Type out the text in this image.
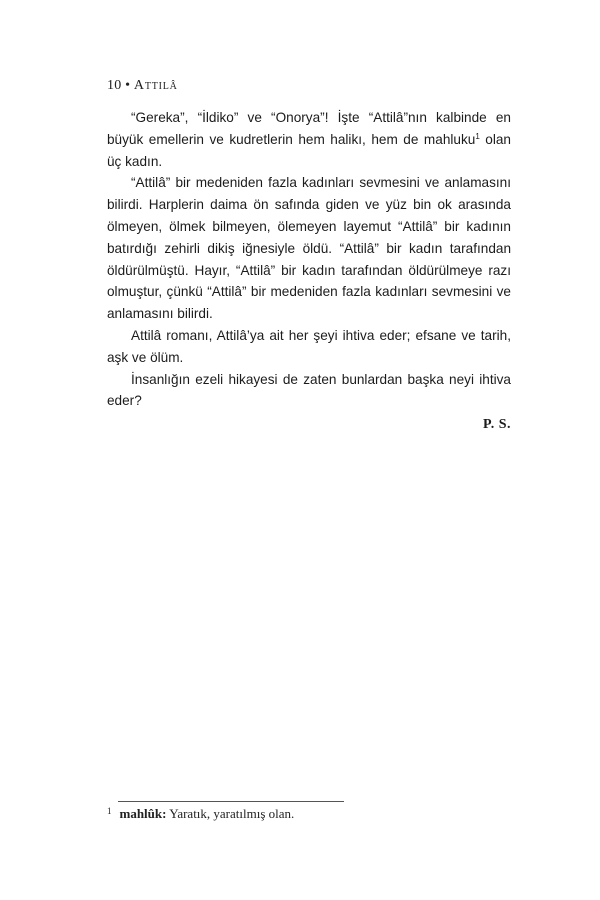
10 • Attilâ

“Gereka”, “İldiko” ve “Onorya”! İşte “Attilâ”nın kalbinde en büyük emellerin ve kudretlerin hem halikı, hem de mahluku$^1$ olan üç kadın.

“Attilâ” bir medeniden fazla kadınları sevmesini ve anlamasını bilirdi. Harplerin daima ön safında giden ve yüz bin ok arasında ölmeyen, ölmek bilmeyen, ölemeyen layemut “Attilâ” bir kadının batırdığı zehirli dikiş iğnesiyle öldü. “Attilâ” bir kadın tarafından öldürülmüştü. Hayır, “Attilâ” bir kadın tarafından öldürülmeye razı olmuştur, çünkü “Attilâ” bir medeniden fazla kadınları sevmesini ve anlamasını bilirdi.

Attilâ romanı, Attilâ’ya ait her şeyi ihtiva eder; efsane ve tarih, aşk ve ölüm.

İnsanlığın ezeli hikayesi de zaten bunlardan başka neyi ihtiva eder?

P. S.
$^1$ mahlûk: Yaratık, yaratılmış olan.
